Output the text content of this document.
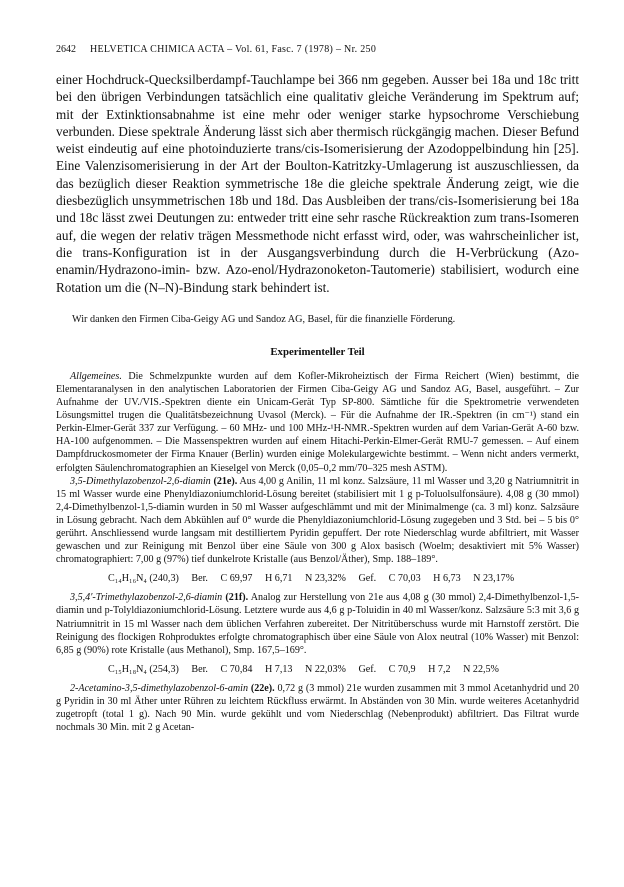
2642	HELVETICA CHIMICA ACTA – Vol. 61, Fasc. 7 (1978) – Nr. 250

einer Hochdruck-Quecksilberdampf-Tauchlampe bei 366 nm gegeben. Ausser bei 18a und 18c tritt bei den übrigen Verbindungen tatsächlich eine qualitativ gleiche Veränderung im Spektrum auf; mit der Extinktionsabnahme ist eine mehr oder weniger starke hypsochrome Verschiebung verbunden. Diese spektrale Änderung lässt sich aber thermisch rückgängig machen. Dieser Befund weist eindeutig auf eine photoinduzierte trans/cis-Isomerisierung der Azodoppelbindung hin [25]. Eine Valenzisomerisierung in der Art der Boulton-Katritzky-Umlagerung ist auszuschliessen, da das bezüglich dieser Reaktion symmetrische 18e die gleiche spektrale Änderung zeigt, wie die diesbezüglich unsymmetrischen 18b und 18d. Das Ausbleiben der trans/cis-Isomerisierung bei 18a und 18c lässt zwei Deutungen zu: entweder tritt eine sehr rasche Rückreaktion zum trans-Isomeren auf, die wegen der relativ trägen Messmethode nicht erfasst wird, oder, was wahrscheinlicher ist, die trans-Konfiguration ist in der Ausgangsverbindung durch die H-Verbrückung (Azo-enamin/Hydrazono-imin- bzw. Azo-enol/Hydrazonoketon-Tautomerie) stabilisiert, wodurch eine Rotation um die (N–N)-Bindung stark behindert ist.

Wir danken den Firmen Ciba-Geigy AG und Sandoz AG, Basel, für die finanzielle Förderung.

Experimenteller Teil

Allgemeines. Die Schmelzpunkte wurden auf dem Kofler-Mikroheiztisch der Firma Reichert (Wien) bestimmt, die Elementaranalysen in den analytischen Laboratorien der Firmen Ciba-Geigy AG und Sandoz AG, Basel, ausgeführt. – Zur Aufnahme der UV./VIS.-Spektren diente ein Unicam-Gerät Typ SP-800. Sämtliche für die Spektrometrie verwendeten Lösungsmittel trugen die Qualitätsbezeichnung Uvasol (Merck). – Für die Aufnahme der IR.-Spektren (in cm⁻¹) stand ein Perkin-Elmer-Gerät 337 zur Verfügung. – 60 MHz- und 100 MHz-¹H-NMR.-Spektren wurden auf dem Varian-Gerät A-60 bzw. HA-100 aufgenommen. – Die Massenspektren wurden auf einem Hitachi-Perkin-Elmer-Gerät RMU-7 gemessen. – Auf einem Dampfdruckosmometer der Firma Knauer (Berlin) wurden einige Molekulargewichte bestimmt. – Wenn nicht anders vermerkt, erfolgten Säulenchromatographien an Kieselgel von Merck (0,05–0,2 mm/70–325 mesh ASTM).

3,5-Dimethylazobenzol-2,6-diamin (21e). Aus 4,00 g Anilin, 11 ml konz. Salzsäure, 11 ml Wasser und 3,20 g Natriumnitrit in 15 ml Wasser wurde eine Phenyldiazoniumchlorid-Lösung bereitet (stabilisiert mit 1 g p-Toluolsulfonsäure). 4,08 g (30 mmol) 2,4-Dimethylbenzol-1,5-diamin wurden in 50 ml Wasser aufgeschlämmt und mit der Minimalmenge (ca. 3 ml) konz. Salzsäure in Lösung gebracht. Nach dem Abkühlen auf 0° wurde die Phenyldiazoniumchlorid-Lösung zugegeben und 3 Std. bei – 5 bis 0° gerührt. Anschliessend wurde langsam mit destilliertem Pyridin gepuffert. Der rote Niederschlag wurde abfiltriert, mit Wasser gewaschen und zur Reinigung mit Benzol über eine Säule von 300 g Alox basisch (Woelm; desaktiviert mit 5% Wasser) chromatographiert: 7,00 g (97%) tief dunkelrote Kristalle (aus Benzol/Äther), Smp. 188–189°.

C₁₄H₁₆N₄ (240,3) Ber. C 69,97 H 6,71 N 23,32% Gef. C 70,03 H 6,73 N 23,17%

3,5,4′-Trimethylazobenzol-2,6-diamin (21f). Analog zur Herstellung von 21e aus 4,08 g (30 mmol) 2,4-Dimethylbenzol-1,5-diamin und p-Tolyldiazoniumchlorid-Lösung. Letztere wurde aus 4,6 g p-Toluidin in 40 ml Wasser/konz. Salzsäure 5:3 mit 3,6 g Natriumnitrit in 15 ml Wasser nach dem üblichen Verfahren zubereitet. Der Nitritüberschuss wurde mit Harnstoff zerstört. Die Reinigung des flockigen Rohproduktes erfolgte chromatographisch über eine Säule von Alox neutral (10% Wasser) mit Benzol: 6,85 g (90%) rote Kristalle (aus Methanol), Smp. 167,5–169°.

C₁₅H₁₈N₄ (254,3) Ber. C 70,84 H 7,13 N 22,03% Gef. C 70,9 H 7,2 N 22,5%

2-Acetamino-3,5-dimethylazobenzol-6-amin (22e). 0,72 g (3 mmol) 21e wurden zusammen mit 3 mmol Acetanhydrid und 20 g Pyridin in 30 ml Äther unter Rühren zu leichtem Rückfluss erwärmt. In Abständen von 30 Min. wurde weiteres Acetanhydrid zugetropft (total 1 g). Nach 90 Min. wurde gekühlt und vom Niederschlag (Nebenprodukt) abfiltriert. Das Filtrat wurde nochmals 30 Min. mit 2 g Acetan-
